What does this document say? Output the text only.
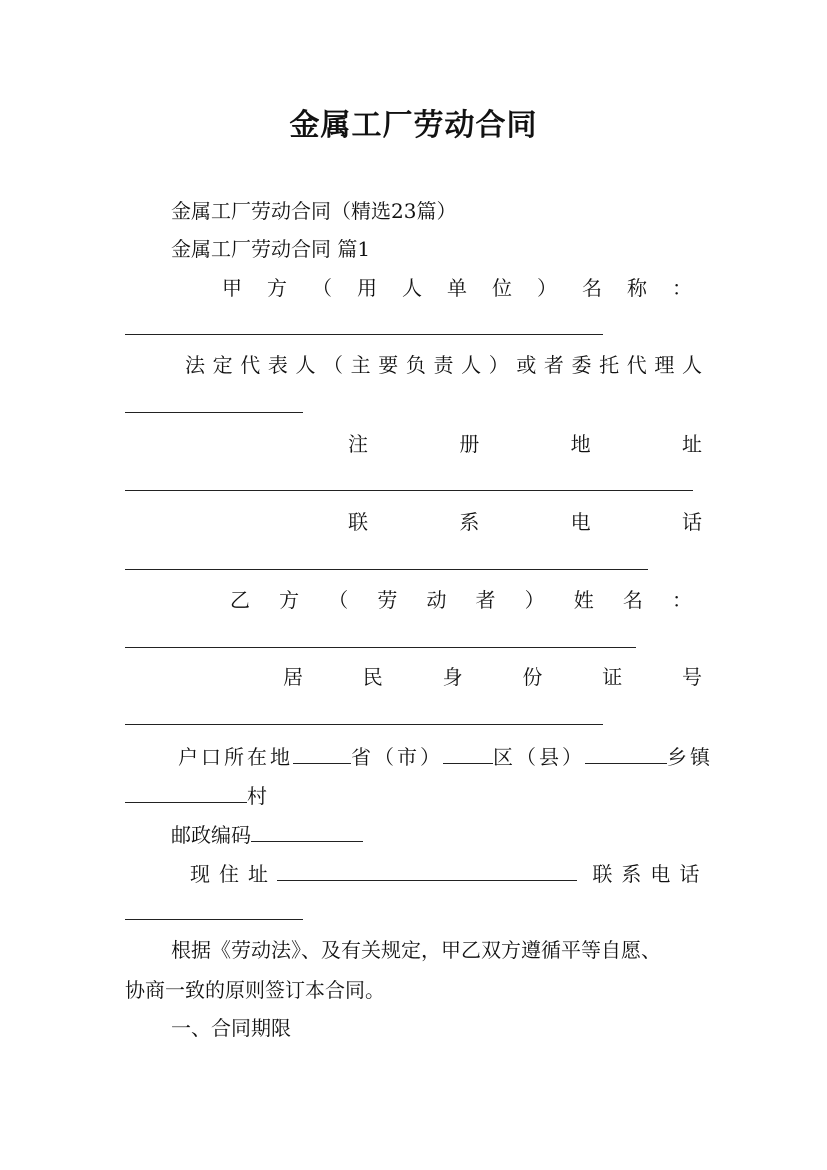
金属工厂劳动合同
金属工厂劳动合同（精选23篇）
金属工厂劳动合同 篇1
甲 方 （ 用 人 单 位 ） 名 称 ：
法 定 代 表 人 （ 主 要 负 责 人 ） 或 者 委 托 代 理 人
注	册	地	址
联	系	电	话
乙 方 （ 劳 动 者 ） 姓 名 ：
居	民	身	份	证	号
户口所在地	省（市）	区（县）	乡镇
村
邮政编码
现住址	联系电话
根据《劳动法》、及有关规定，甲乙双方遵循平等自愿、
协商一致的原则签订本合同。
一、合同期限
